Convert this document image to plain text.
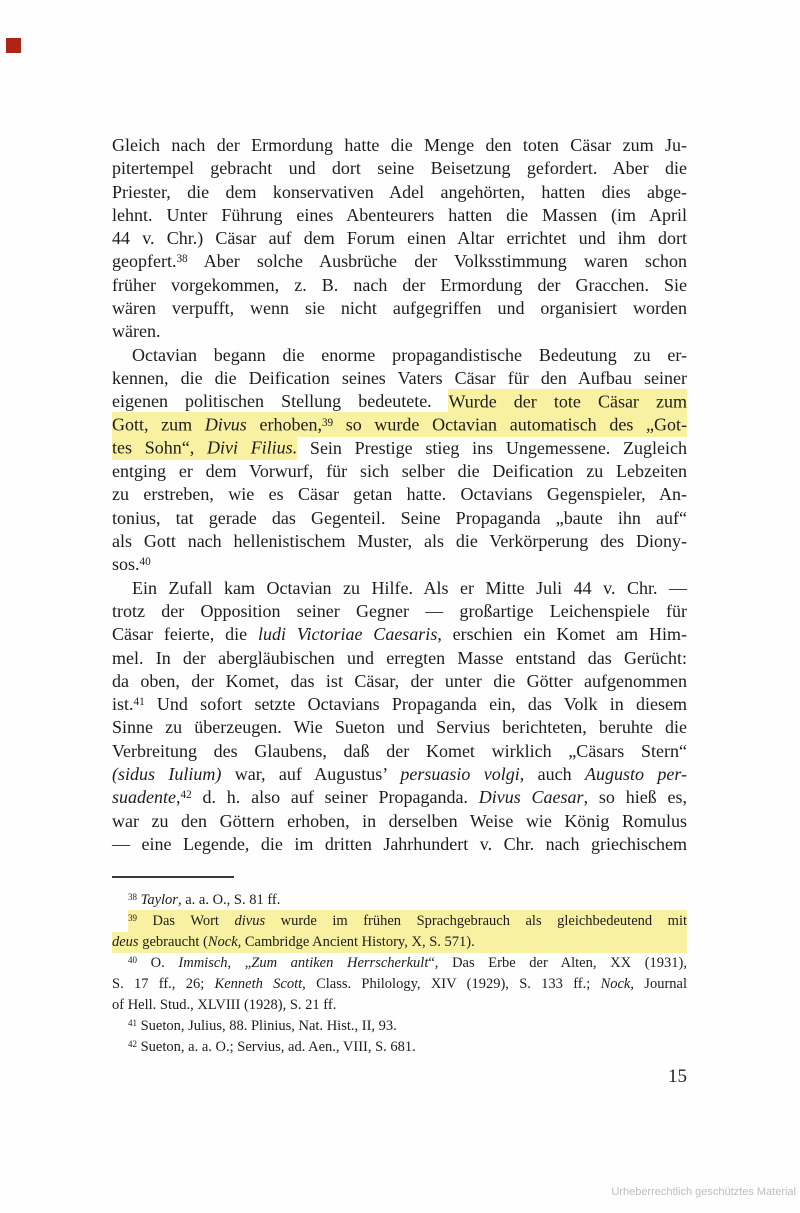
Gleich nach der Ermordung hatte die Menge den toten Cäsar zum Ju-
pitertempel gebracht und dort seine Beisetzung gefordert. Aber die
Priester, die dem konservativen Adel angehörten, hatten dies abge-
lehnt. Unter Führung eines Abenteurers hatten die Massen (im April
44 v. Chr.) Cäsar auf dem Forum einen Altar errichtet und ihm dort
geopfert.$^{38}$ Aber solche Ausbrüche der Volksstimmung waren schon
früher vorgekommen, z. B. nach der Ermordung der Gracchen. Sie
wären verpufft, wenn sie nicht aufgegriffen und organisiert worden
wären.
Octavian begann die enorme propagandistische Bedeutung zu er-
kennen, die die Deification seines Vaters Cäsar für den Aufbau seiner
eigenen politischen Stellung bedeutete. Wurde der tote Cäsar zum
Gott, zum Divus erhoben,$^{39}$ so wurde Octavian automatisch des „Got-
tes Sohn“, Divi Filius. Sein Prestige stieg ins Ungemessene. Zugleich
entging er dem Vorwurf, für sich selber die Deification zu Lebzeiten
zu erstreben, wie es Cäsar getan hatte. Octavians Gegenspieler, An-
tonius, tat gerade das Gegenteil. Seine Propaganda „baute ihn auf“
als Gott nach hellenistischem Muster, als die Verkörperung des Diony-
sos.$^{40}$
Ein Zufall kam Octavian zu Hilfe. Als er Mitte Juli 44 v. Chr. —
trotz der Opposition seiner Gegner — großartige Leichenspiele für
Cäsar feierte, die ludi Victoriae Caesaris, erschien ein Komet am Him-
mel. In der abergläubischen und erregten Masse entstand das Gerücht:
da oben, der Komet, das ist Cäsar, der unter die Götter aufgenommen
ist.$^{41}$ Und sofort setzte Octavians Propaganda ein, das Volk in diesem
Sinne zu überzeugen. Wie Sueton und Servius berichteten, beruhte die
Verbreitung des Glaubens, daß der Komet wirklich „Cäsars Stern“
(sidus Iulium) war, auf Augustus’ persuasio volgi, auch Augusto per-
suadente,$^{42}$ d. h. also auf seiner Propaganda. Divus Caesar, so hieß es,
war zu den Göttern erhoben, in derselben Weise wie König Romulus
— eine Legende, die im dritten Jahrhundert v. Chr. nach griechischem
$^{38}$ Taylor, a. a. O., S. 81 ff.
$^{39}$ Das Wort divus wurde im frühen Sprachgebrauch als gleichbedeutend mit
deus gebraucht (Nock, Cambridge Ancient History, X, S. 571).
$^{40}$ O. Immisch, „Zum antiken Herrscherkult“, Das Erbe der Alten, XX (1931),
S. 17 ff., 26; Kenneth Scott, Class. Philology, XIV (1929), S. 133 ff.; Nock, Journal
of Hell. Stud., XLVIII (1928), S. 21 ff.
$^{41}$ Sueton, Julius, 88. Plinius, Nat. Hist., II, 93.
$^{42}$ Sueton, a. a. O.; Servius, ad. Aen., VIII, S. 681.
15
Urheberrechtlich geschütztes Material
